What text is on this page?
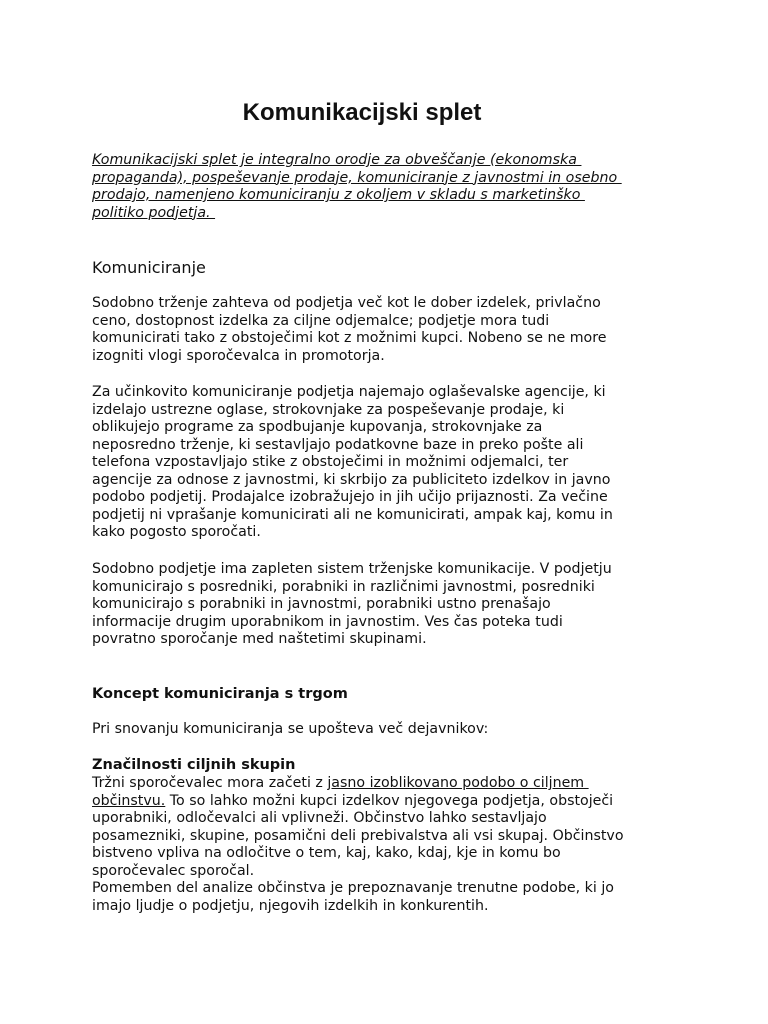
Komunikacijski splet
Komunikacijski splet je integralno orodje za obveščanje (ekonomska
propaganda), pospeševanje prodaje, komuniciranje z javnostmi in osebno
prodajo, namenjeno komuniciranju z okoljem v skladu s marketinško
politiko podjetja.
Komuniciranje
Sodobno trženje zahteva od podjetja več kot le dober izdelek, privlačno
ceno, dostopnost izdelka za ciljne odjemalce; podjetje mora tudi
komunicirati tako z obstoječimi kot z možnimi kupci. Nobeno se ne more
izogniti vlogi sporočevalca in promotorja.
Za učinkovito komuniciranje podjetja najemajo oglaševalske agencije, ki
izdelajo ustrezne oglase, strokovnjake za pospeševanje prodaje, ki
oblikujejo programe za spodbujanje kupovanja, strokovnjake za
neposredno trženje, ki sestavljajo podatkovne baze in preko pošte ali
telefona vzpostavljajo stike z obstoječimi in možnimi odjemalci, ter
agencije za odnose z javnostmi, ki skrbijo za publiciteto izdelkov in javno
podobo podjetij. Prodajalce izobražujejo in jih učijo prijaznosti. Za večine
podjetij ni vprašanje komunicirati ali ne komunicirati, ampak kaj, komu in
kako pogosto sporočati.
Sodobno podjetje ima zapleten sistem trženjske komunikacije. V podjetju
komunicirajo s posredniki, porabniki in različnimi javnostmi, posredniki
komunicirajo s porabniki in javnostmi, porabniki ustno prenašajo
informacije drugim uporabnikom in javnostim. Ves čas poteka tudi
povratno sporočanje med naštetimi skupinami.
Koncept komuniciranja s trgom
Pri snovanju komuniciranja se upošteva več dejavnikov:
Značilnosti ciljnih skupin
Tržni sporočevalec mora začeti z jasno izoblikovano podobo o ciljnem
občinstvu. To so lahko možni kupci izdelkov njegovega podjetja, obstoječi
uporabniki, odločevalci ali vplivneži. Občinstvo lahko sestavljajo
posamezniki, skupine, posamični deli prebivalstva ali vsi skupaj. Občinstvo
bistveno vpliva na odločitve o tem, kaj, kako, kdaj, kje in komu bo
sporočevalec sporočal.
Pomemben del analize občinstva je prepoznavanje trenutne podobe, ki jo
imajo ljudje o podjetju, njegovih izdelkih in konkurentih.
